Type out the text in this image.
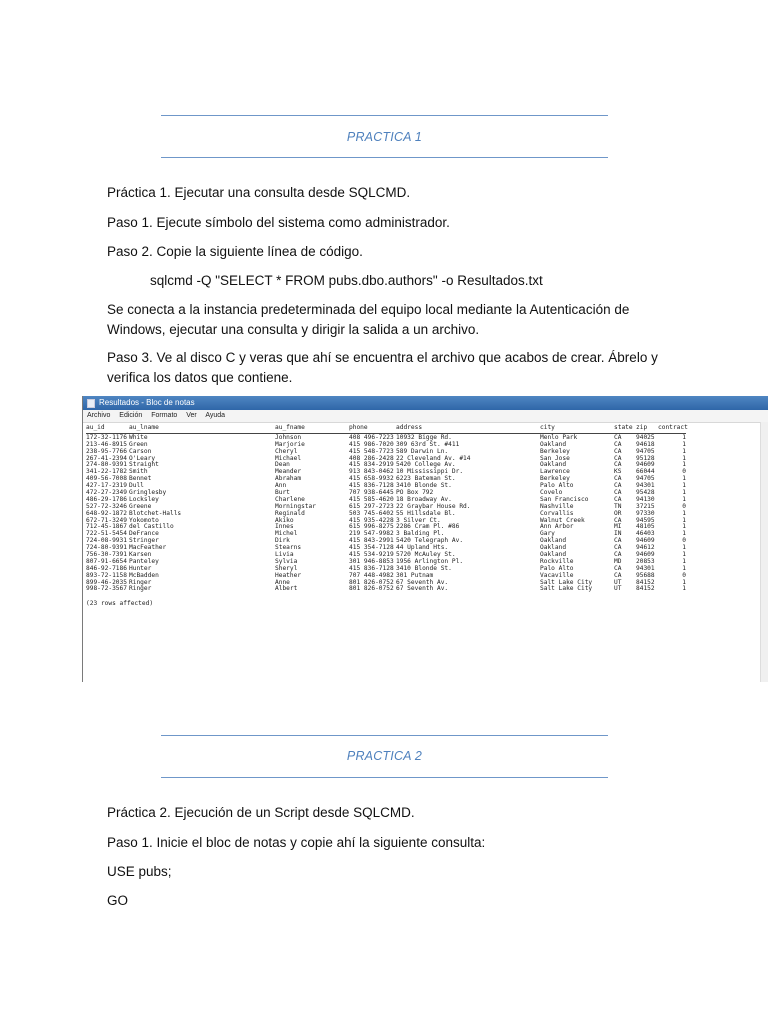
PRACTICA 1
Práctica 1. Ejecutar una consulta desde SQLCMD.
Paso 1. Ejecute símbolo del sistema como administrador.
Paso 2. Copie la siguiente línea de código.
sqlcmd -Q "SELECT * FROM pubs.dbo.authors" -o Resultados.txt
Se conecta a la instancia predeterminada del equipo local mediante la Autenticación de Windows, ejecutar una consulta y dirigir la salida a un archivo.
Paso 3. Ve al disco C y veras que ahí se encuentra el archivo que acabos de crear. Ábrelo y verifica los datos que contiene.
Resultados - Bloc de notas
Archivo Edición Formato Ver Ayuda
au_id	au_lname	au_fname	phone	address	city	state zip contract
172-32-1176 White	Johnson	408 496-7223 10932 Bigge Rd.	Menlo Park	CA 94025	1
213-46-8915 Green	Marjorie	415 986-7020 309 63rd St. #411	Oakland	CA 94618	1
238-95-7766 Carson	Cheryl	415 548-7723 589 Darwin Ln.	Berkeley	CA 94705	1
267-41-2394 O'Leary	Michael	408 286-2428 22 Cleveland Av. #14	San Jose	CA 95128	1
274-80-9391 Straight	Dean	415 834-2919 5420 College Av.	Oakland	CA 94609	1
341-22-1782 Smith	Meander	913 843-0462 10 Mississippi Dr.	Lawrence	KS 66044	0
409-56-7008 Bennet	Abraham	415 658-9932 6223 Bateman St.	Berkeley	CA 94705	1
427-17-2319 Dull	Ann	415 836-7128 3410 Blonde St.	Palo Alto	CA 94301	1
472-27-2349 Gringlesby	Burt	707 938-6445 PO Box 792	Covelo	CA 95428	1
486-29-1786 Locksley	Charlene	415 585-4620 18 Broadway Av.	San Francisco	CA 94130	1
527-72-3246 Greene	Morningstar	615 297-2723 22 Graybar House Rd.	Nashville	TN 37215	0
648-92-1872 Blotchet-Halls	Reginald	503 745-6402 55 Hillsdale Bl.	Corvallis	OR 97330	1
672-71-3249 Yokomoto	Akiko	415 935-4228 3 Silver Ct.	Walnut Creek	CA 94595	1
712-45-1867 del Castillo	Innes	615 996-8275 2286 Cram Pl. #86	Ann Arbor	MI 48105	1
722-51-5454 DeFrance	Michel	219 547-9982 3 Balding Pl.	Gary	IN 46403	1
724-08-9931 Stringer	Dirk	415 843-2991 5420 Telegraph Av.	Oakland	CA 94609	0
724-80-9391 MacFeather	Stearns	415 354-7128 44 Upland Hts.	Oakland	CA 94612	1
756-30-7391 Karsen	Livia	415 534-9219 5720 McAuley St.	Oakland	CA 94609	1
807-91-6654 Panteley	Sylvia	301 946-8853 1956 Arlington Pl.	Rockville	MD 20853	1
846-92-7186 Hunter	Sheryl	415 836-7128 3410 Blonde St.	Palo Alto	CA 94301	1
893-72-1158 McBadden	Heather	707 448-4982 301 Putnam	Vacaville	CA 95688	0
899-46-2035 Ringer	Anne	801 826-0752 67 Seventh Av.	Salt Lake City	UT 84152	1
998-72-3567 Ringer	Albert	801 826-0752 67 Seventh Av.	Salt Lake City	UT 84152	1
(23 rows affected)
PRACTICA 2
Práctica 2. Ejecución de un Script desde SQLCMD.
Paso 1. Inicie el bloc de notas y copie ahí la siguiente consulta:
USE pubs;
GO
